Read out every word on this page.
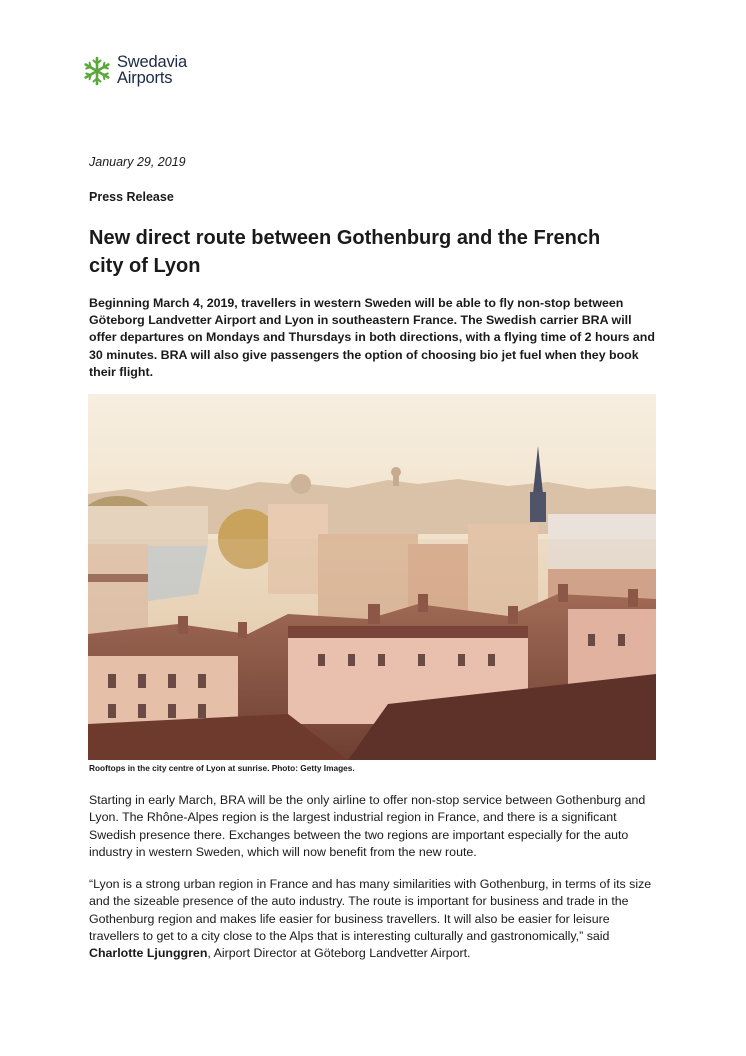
Swedavia
Airports
January 29, 2019
Press Release
New direct route between Gothenburg and the French city of Lyon

Beginning March 4, 2019, travellers in western Sweden will be able to fly non-stop between Göteborg Landvetter Airport and Lyon in southeastern France. The Swedish carrier BRA will offer departures on Mondays and Thursdays in both directions, with a flying time of 2 hours and 30 minutes. BRA will also give passengers the option of choosing bio jet fuel when they book their flight.

Rooftops in the city centre of Lyon at sunrise. Photo: Getty Images.

Starting in early March, BRA will be the only airline to offer non-stop service between Gothenburg and Lyon. The Rhône-Alpes region is the largest industrial region in France, and there is a significant Swedish presence there. Exchanges between the two regions are important especially for the auto industry in western Sweden, which will now benefit from the new route.

“Lyon is a strong urban region in France and has many similarities with Gothenburg, in terms of its size and the sizeable presence of the auto industry. The route is important for business and trade in the Gothenburg region and makes life easier for business travellers. It will also be easier for leisure travellers to get to a city close to the Alps that is interesting culturally and gastronomically,” said Charlotte Ljunggren, Airport Director at Göteborg Landvetter Airport.
